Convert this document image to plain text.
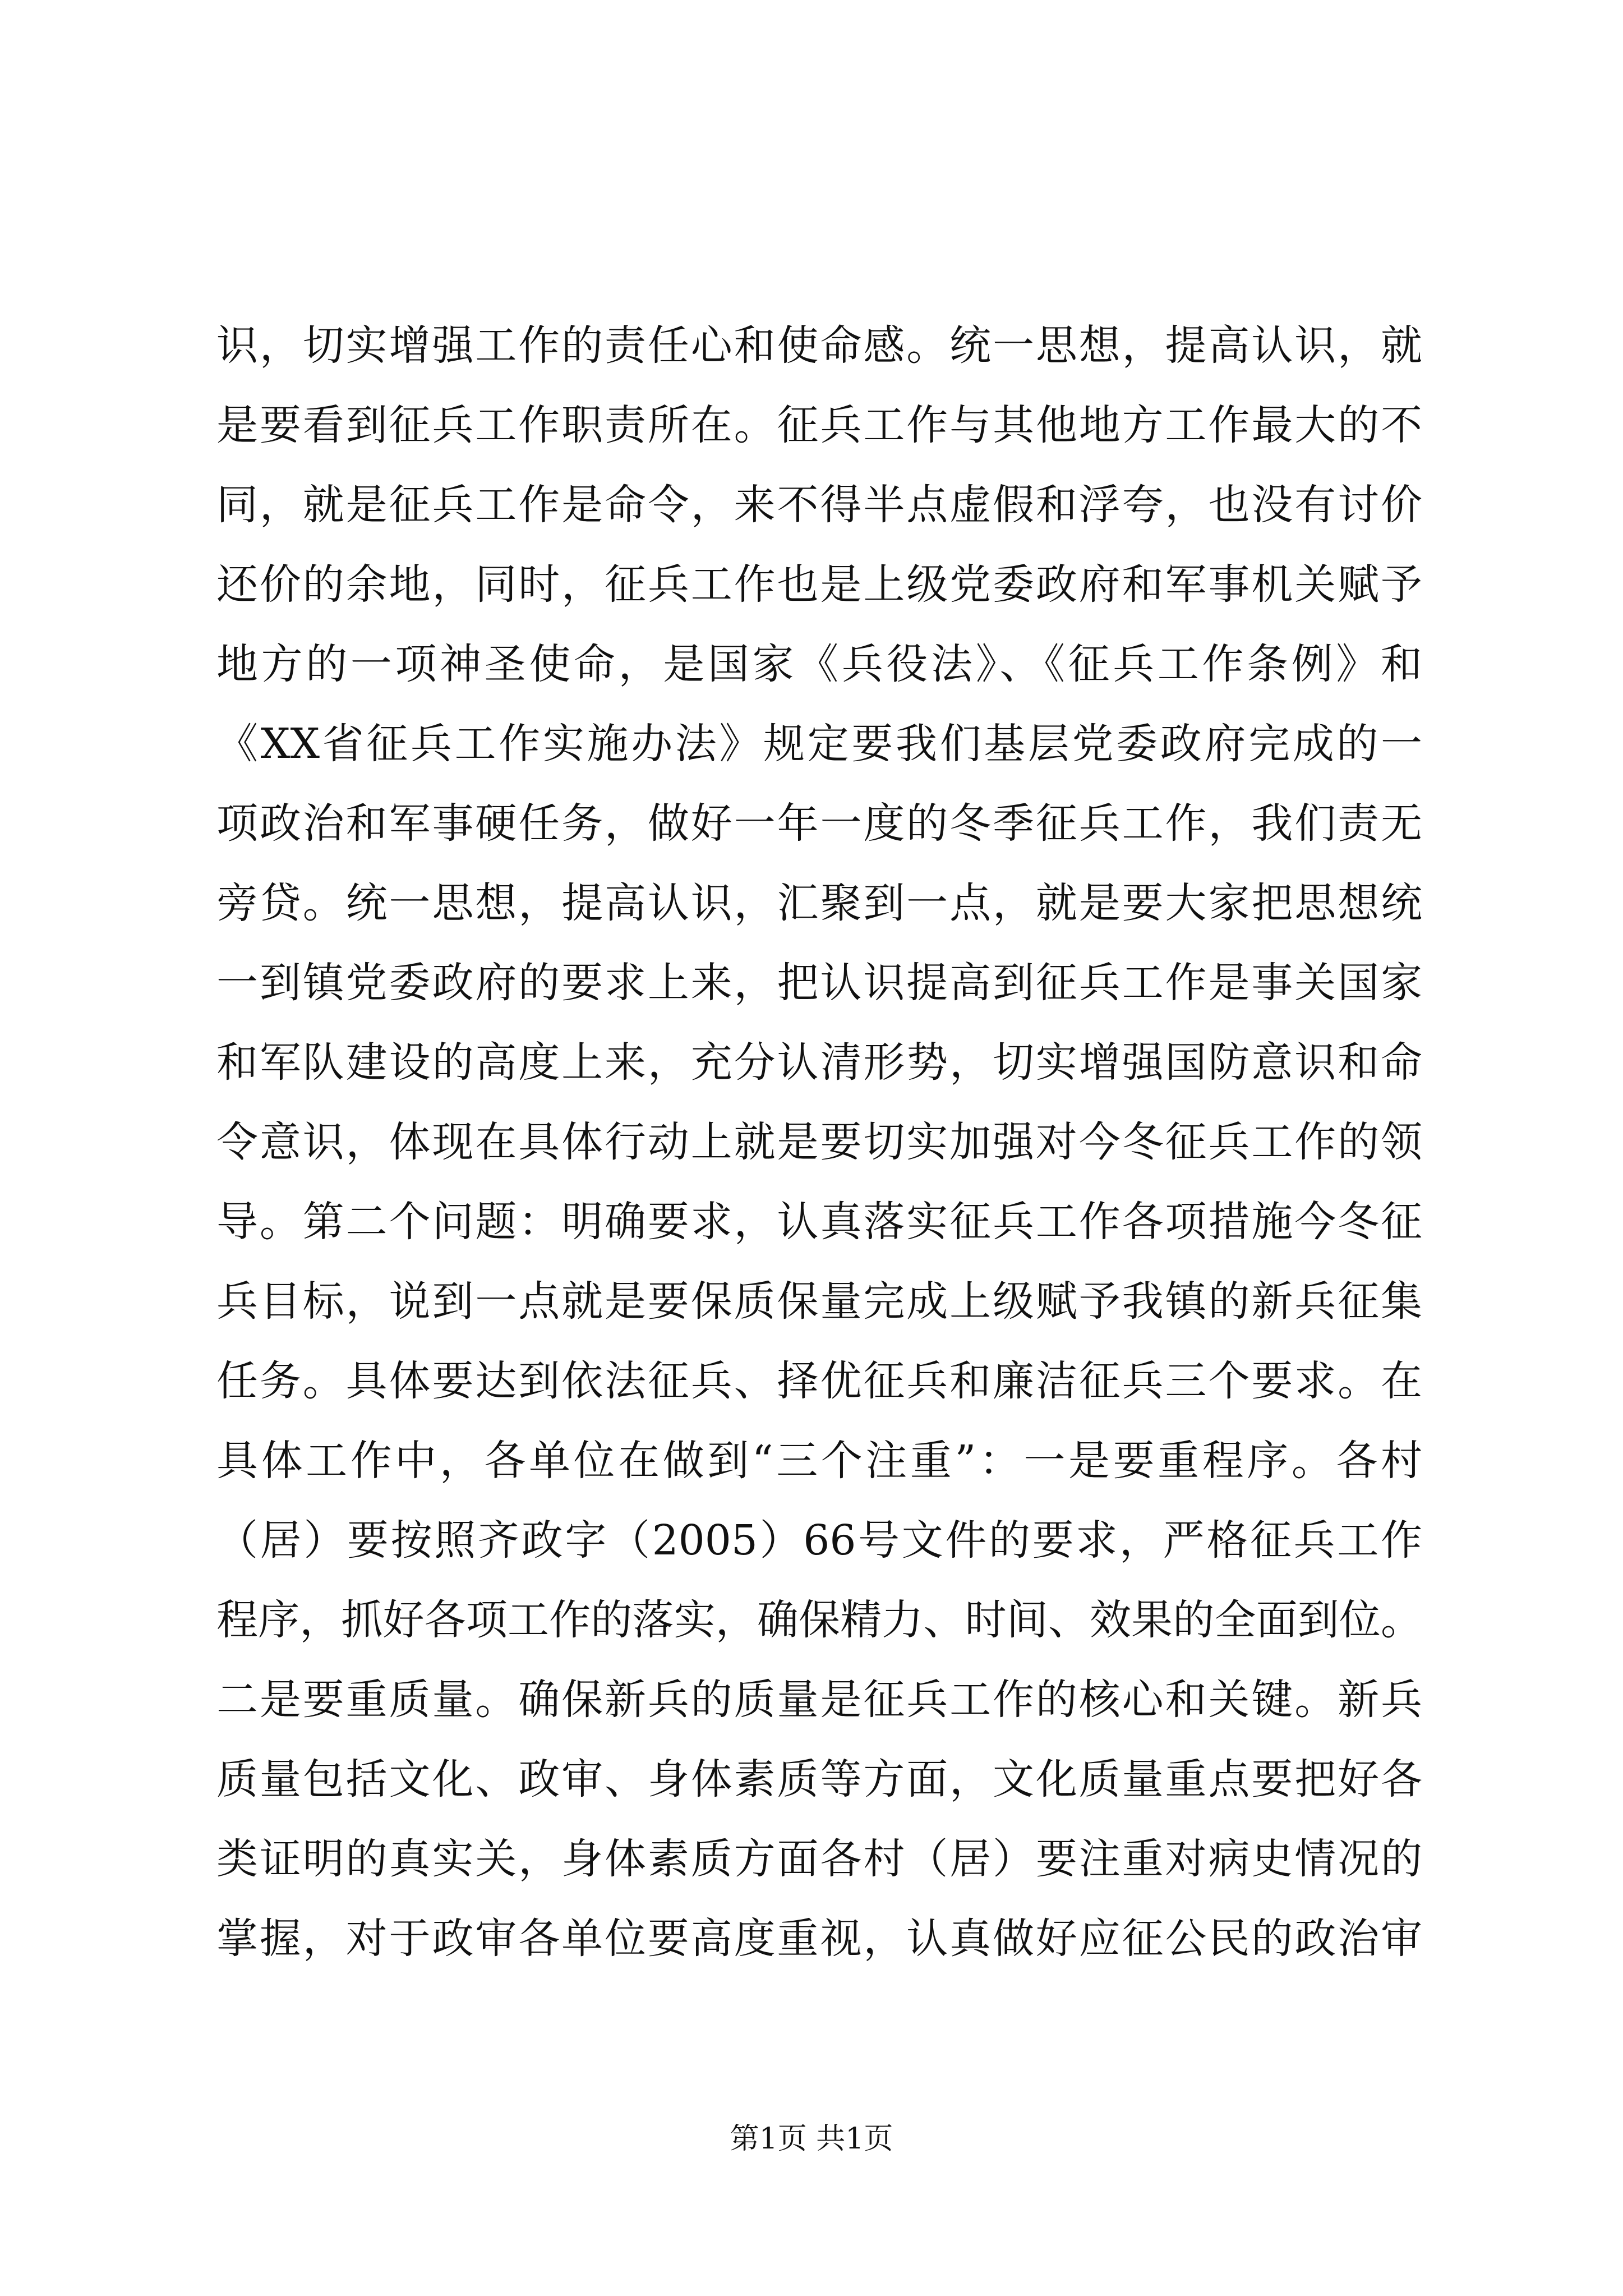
识，切实增强工作的责任心和使命感。统一思想，提高认识，就
是要看到征兵工作职责所在。征兵工作与其他地方工作最大的不
同，就是征兵工作是命令，来不得半点虚假和浮夸，也没有讨价
还价的余地，同时，征兵工作也是上级党委政府和军事机关赋予
地方的一项神圣使命，是国家《兵役法》、《征兵工作条例》和
《XX省征兵工作实施办法》规定要我们基层党委政府完成的一
项政治和军事硬任务，做好一年一度的冬季征兵工作，我们责无
旁贷。统一思想，提高认识，汇聚到一点，就是要大家把思想统
一到镇党委政府的要求上来，把认识提高到征兵工作是事关国家
和军队建设的高度上来，充分认清形势，切实增强国防意识和命
令意识，体现在具体行动上就是要切实加强对今冬征兵工作的领
导。第二个问题：明确要求，认真落实征兵工作各项措施今冬征
兵目标，说到一点就是要保质保量完成上级赋予我镇的新兵征集
任务。具体要达到依法征兵、择优征兵和廉洁征兵三个要求。在
具体工作中，各单位在做到“三个注重”：一是要重程序。各村
（居）要按照齐政字（2005）66号文件的要求，严格征兵工作
程序，抓好各项工作的落实，确保精力、时间、效果的全面到位。
二是要重质量。确保新兵的质量是征兵工作的核心和关键。新兵
质量包括文化、政审、身体素质等方面，文化质量重点要把好各
类证明的真实关，身体素质方面各村（居）要注重对病史情况的
掌握，对于政审各单位要高度重视，认真做好应征公民的政治审
第1页 共1页
